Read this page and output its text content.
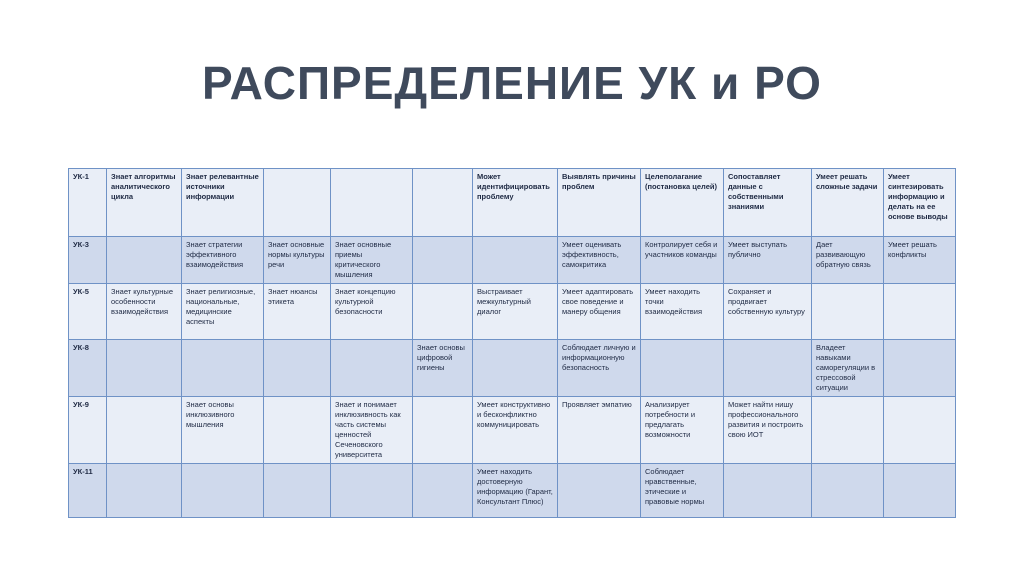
РАСПРЕДЕЛЕНИЕ УК и РО
УК-1	Знает алгоритмы аналитического цикла	Знает релевантные источники информации				Может идентифицировать проблему	Выявлять причины проблем	Целеполагание (постановка целей)	Сопоставляет данные с собственными знаниями	Умеет решать сложные задачи	Умеет синтезировать информацию и делать на ее основе выводы
УК-3		Знает стратегии эффективного взаимодействия	Знает основные нормы культуры речи	Знает основные приемы критического мышления			Умеет оценивать эффективность, самокритика	Контролирует себя и участников команды	Умеет выступать публично	Дает развивающую обратную связь	Умеет решать конфликты
УК-5	Знает культурные особенности взаимодействия	Знает религиозные, национальные, медицинские аспекты	Знает нюансы этикета	Знает концепцию культурной безопасности		Выстраивает межкультурный диалог	Умеет адаптировать свое поведение и манеру общения	Умеет находить точки взаимодействия	Сохраняет и продвигает собственную культуру		
УК-8					Знает основы цифровой гигиены		Соблюдает личную и информационную безопасность			Владеет навыками саморегуляции в стрессовой ситуации	
УК-9		Знает основы инклюзивного мышления		Знает и понимает инклюзивность как часть системы ценностей Сеченовского университета		Умеет конструктивно и бесконфликтно коммуницировать	Проявляет эмпатию	Анализирует потребности и предлагать возможности	Может найти нишу профессионального развития и построить свою ИОТ		
УК-11						Умеет находить достоверную информацию (Гарант, Консультант Плюс)		Соблюдает нравственные, этические и правовые нормы			
